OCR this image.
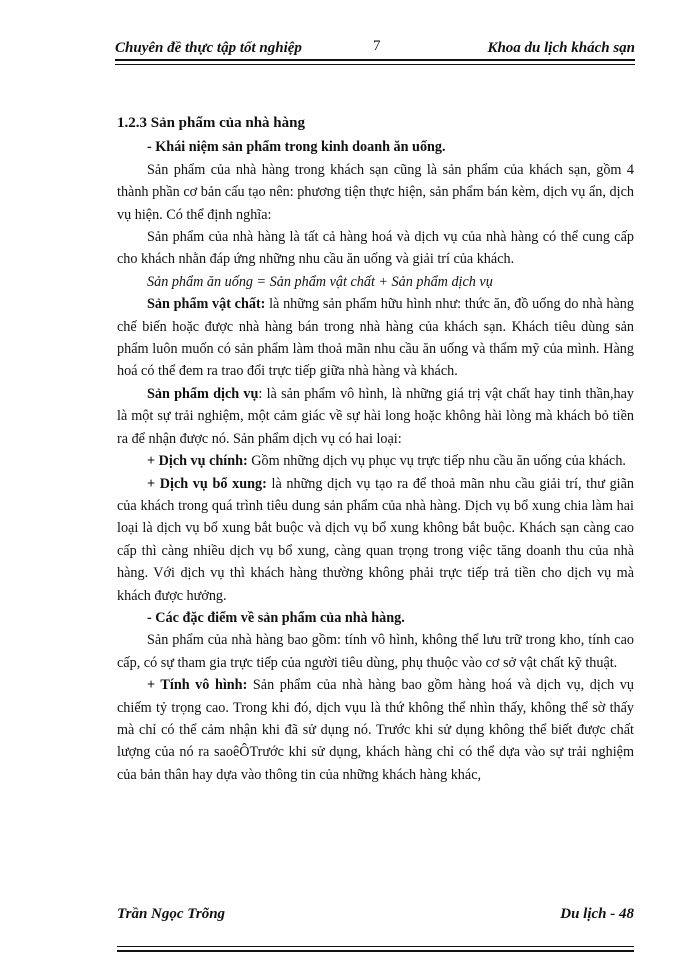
Chuyên đề thực tập tốt nghiệp	7	Khoa du lịch khách sạn

1.2.3 Sản phẩm của nhà hàng

- Khái niệm sản phẩm trong kinh doanh ăn uống.

Sản phẩm của nhà hàng trong khách sạn cũng là sản phẩm của khách sạn, gồm 4 thành phần cơ bản cấu tạo nên: phương tiện thực hiện, sản phẩm bán kèm, dịch vụ ẩn, dịch vụ hiện. Có thể định nghĩa:

Sản phẩm của nhà hàng là tất cả hàng hoá và dịch vụ của nhà hàng có thể cung cấp cho khách nhằn đáp ứng những nhu cầu ăn uống và giải trí của khách.

Sản phẩm ăn uống = Sản phẩm vật chất + Sản phẩm dịch vụ

Sản phẩm vật chất: là những sản phẩm hữu hình như: thức ăn, đồ uống do nhà hàng chế biến hoặc được nhà hàng bán trong nhà hàng của khách sạn. Khách tiêu dùng sản phẩm luôn muốn có sản phẩm làm thoả mãn nhu cầu ăn uống và thẩm mỹ của mình. Hàng hoá có thể đem ra trao đổi trực tiếp giữa nhà hàng và khách.

Sản phẩm dịch vụ: là sản phẩm vô hình, là những giá trị vật chất hay tinh thần,hay là một sự trải nghiệm, một cảm giác về sự hài long hoặc không hài lòng mà khách bỏ tiền ra để nhận được nó. Sản phẩm dịch vụ có hai loại:

+ Dịch vụ chính: Gồm những dịch vụ phục vụ trực tiếp nhu cầu ăn uống của khách.

+ Dịch vụ bổ xung: là những dịch vụ tạo ra để thoả mãn nhu cầu giải trí, thư giãn của khách trong quá trình tiêu dung sản phẩm của nhà hàng. Dịch vụ bổ xung chia làm hai loại là dịch vụ bổ xung bắt buộc và dịch vụ bổ xung không bắt buộc. Khách sạn càng cao cấp thì càng nhiều dịch vụ bổ xung, càng quan trọng trong việc tăng doanh thu của nhà hàng. Với dịch vụ thì khách hàng thường không phải trực tiếp trả tiền cho dịch vụ mà khách được hưởng.

- Các đặc điểm về sản phẩm của nhà hàng.

Sản phẩm của nhà hàng bao gồm: tính vô hình, không thể lưu trữ trong kho, tính cao cấp, có sự tham gia trực tiếp của người tiêu dùng, phụ thuộc vào cơ sở vật chất kỹ thuật.

+ Tính vô hình: Sản phẩm của nhà hàng bao gồm hàng hoá và dịch vụ, dịch vụ chiếm tỷ trọng cao. Trong khi đó, dịch vụu là thứ không thể nhìn thấy, không thể sờ thấy mà chỉ có thể cảm nhận khi đã sử dụng nó. Trước khi sử dụng không thể biết được chất lượng của nó ra saoêÔTrước khi sử dụng, khách hàng chỉ có thể dựa vào sự trải nghiệm của bản thân hay dựa vào thông tin của những khách hàng khác,

Trần Ngọc Trõng	Du lịch - 48
